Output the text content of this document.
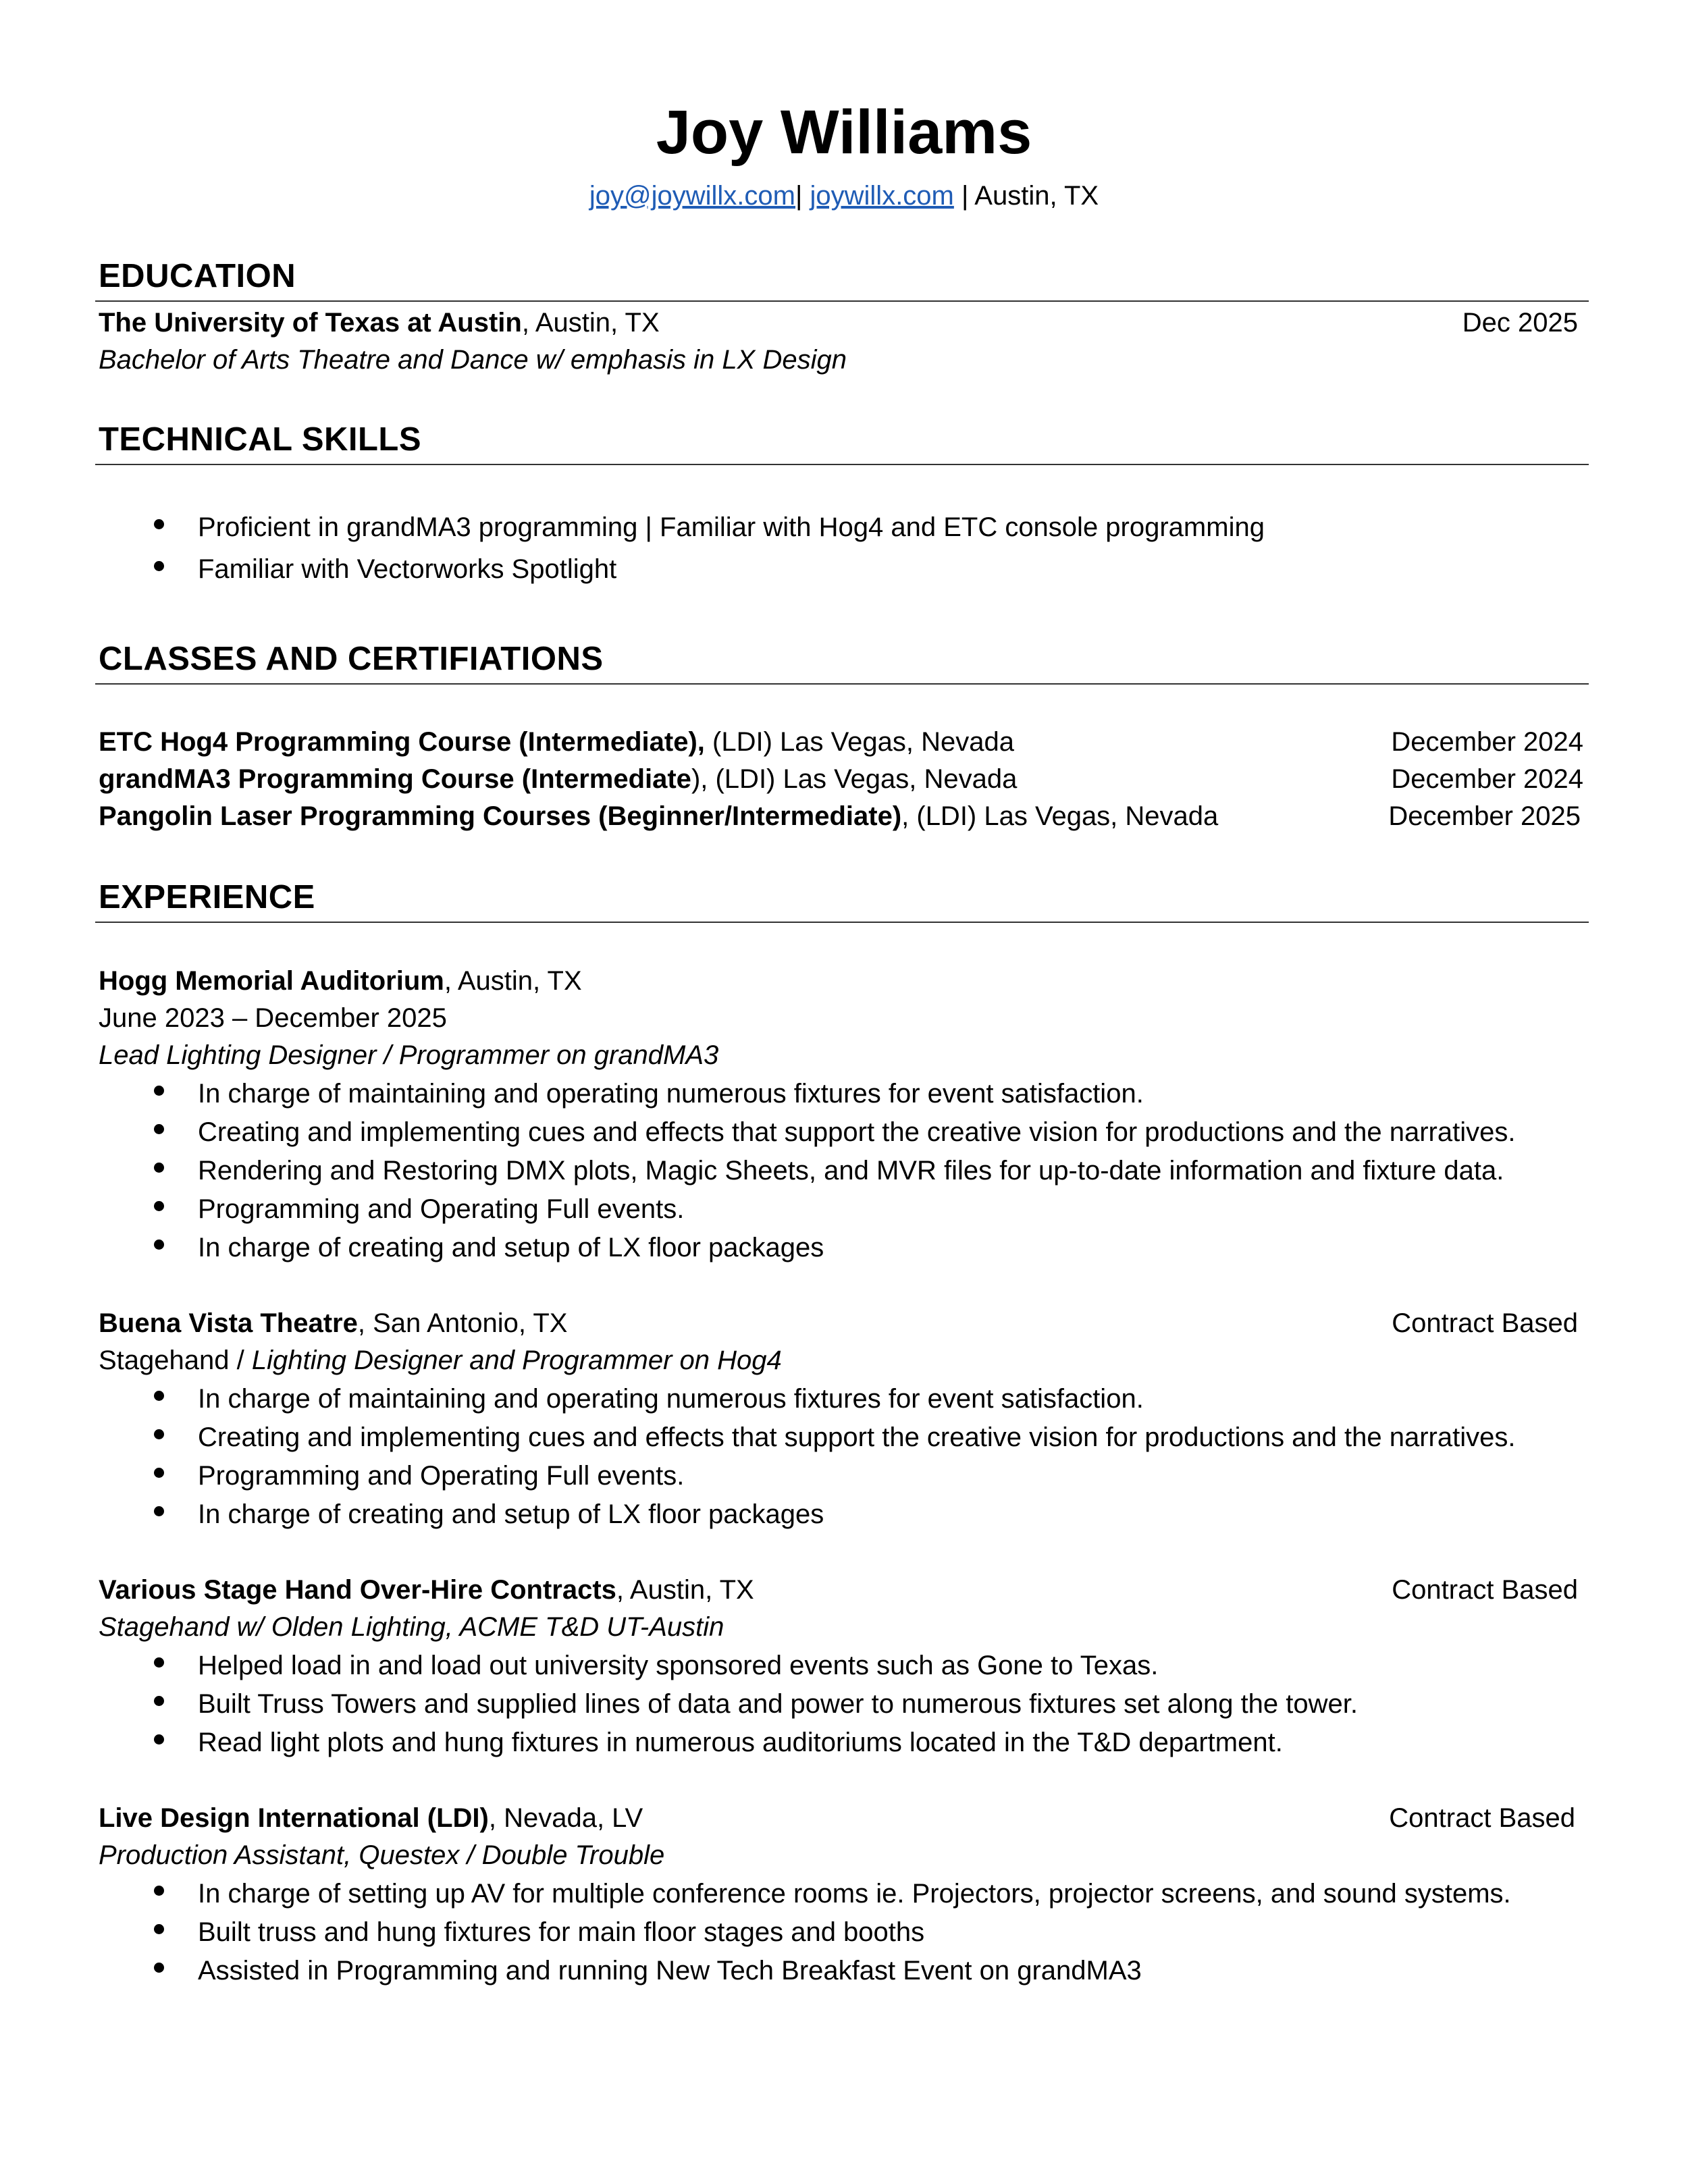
Joy Williams
joy@joywillx.com| joywillx.com | Austin, TX
EDUCATION
The University of Texas at Austin, Austin, TX	Dec 2025
Bachelor of Arts Theatre and Dance w/ emphasis in LX Design
TECHNICAL SKILLS
Proficient in grandMA3 programming | Familiar with Hog4 and ETC console programming
Familiar with Vectorworks Spotlight
CLASSES AND CERTIFIATIONS
ETC Hog4 Programming Course (Intermediate), (LDI) Las Vegas, Nevada	December 2024
grandMA3 Programming Course (Intermediate), (LDI) Las Vegas, Nevada	December 2024
Pangolin Laser Programming Courses (Beginner/Intermediate), (LDI) Las Vegas, Nevada	December 2025
EXPERIENCE
Hogg Memorial Auditorium, Austin, TX
June 2023 – December 2025
Lead Lighting Designer / Programmer on grandMA3
In charge of maintaining and operating numerous fixtures for event satisfaction.
Creating and implementing cues and effects that support the creative vision for productions and the narratives.
Rendering and Restoring DMX plots, Magic Sheets, and MVR files for up-to-date information and fixture data.
Programming and Operating Full events.
In charge of creating and setup of LX floor packages
Buena Vista Theatre, San Antonio, TX	Contract Based
Stagehand / Lighting Designer and Programmer on Hog4
In charge of maintaining and operating numerous fixtures for event satisfaction.
Creating and implementing cues and effects that support the creative vision for productions and the narratives.
Programming and Operating Full events.
In charge of creating and setup of LX floor packages
Various Stage Hand Over-Hire Contracts, Austin, TX	Contract Based
Stagehand w/ Olden Lighting, ACME T&D UT-Austin
Helped load in and load out university sponsored events such as Gone to Texas.
Built Truss Towers and supplied lines of data and power to numerous fixtures set along the tower.
Read light plots and hung fixtures in numerous auditoriums located in the T&D department.
Live Design International (LDI), Nevada, LV	Contract Based
Production Assistant, Questex / Double Trouble
In charge of setting up AV for multiple conference rooms ie. Projectors, projector screens, and sound systems.
Built truss and hung fixtures for main floor stages and booths
Assisted in Programming and running New Tech Breakfast Event on grandMA3
